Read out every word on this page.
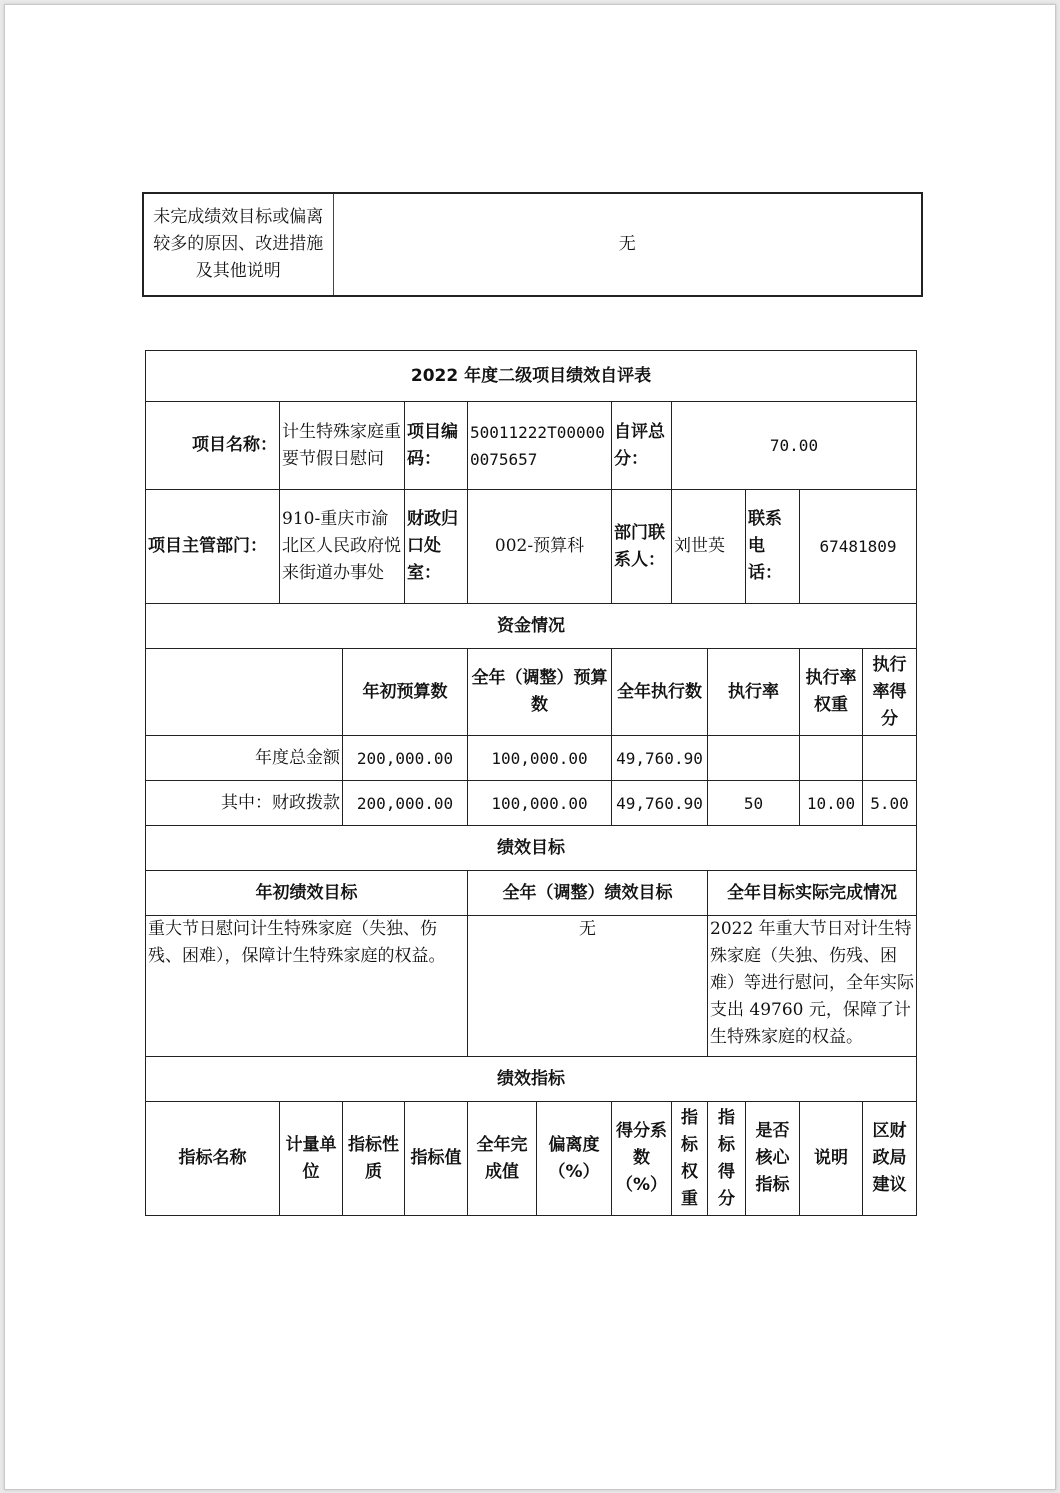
未完成绩效目标或偏离较多的原因、改进措施及其他说明	无
2022 年度二级项目绩效自评表											
项目名称：	计生特殊家庭重要节假日慰问		项目编码：	50011222T000000075657		自评总分：	70.00				
项目主管部门：	910-重庆市渝北区人民政府悦来街道办事处		财政归口处室：	002-预算科		部门联系人：	刘世英		联系电话：	67481809	
资金情况											
		年初预算数		全年（调整）预算数		全年执行数		执行率		执行率权重	执行率得分
年度总金额		200,000.00		100,000.00		49,760.90					
其中：财政拨款		200,000.00		100,000.00		49,760.90		50		10.00	5.00
绩效目标											
年初绩效目标				全年（调整）绩效目标				全年目标实际完成情况			
重大节日慰问计生特殊家庭（失独、伤残、困难），保障计生特殊家庭的权益。				无				2022 年重大节日对计生特殊家庭（失独、伤残、困难）等进行慰问，全年实际支出 49760 元，保障了计生特殊家庭的权益。			
绩效指标											
指标名称	计量单位	指标性质	指标值	全年完成值	偏离度（%）	得分系数（%）	指标权重	指标得分	是否核心指标	说明	区财政局建议
